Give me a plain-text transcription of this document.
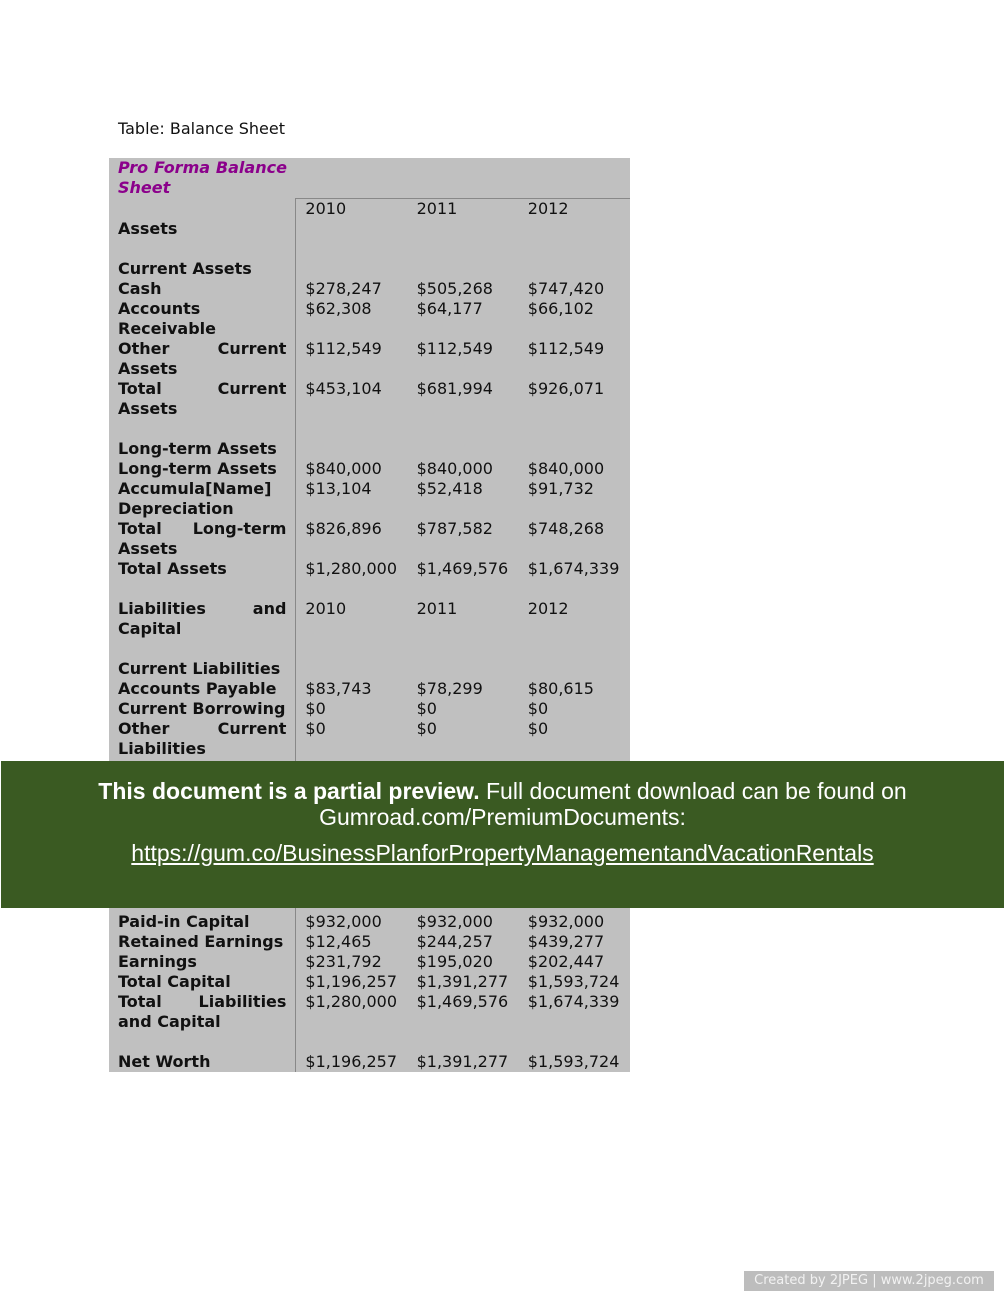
Table: Balance Sheet
Pro Forma Balance Sheet			
	2010	2011	2012
Assets			

Current Assets			
Cash	$278,247	$505,268	$747,420
Accounts Receivable	$62,308	$64,177	$66,102
Other Current Assets	$112,549	$112,549	$112,549
Total Current Assets	$453,104	$681,994	$926,071

Long-term Assets			
Long-term Assets	$840,000	$840,000	$840,000
Accumula[Name] Depreciation	$13,104	$52,418	$91,732
Total Long-term Assets	$826,896	$787,582	$748,268
Total Assets	$1,280,000	$1,469,576	$1,674,339

Liabilities and Capital	2010	2011	2012

Current Liabilities			
Accounts Payable	$83,743	$78,299	$80,615
Current Borrowing	$0	$0	$0
Other Current Liabilities	$0	$0	$0

Paid-in Capital	$932,000	$932,000	$932,000
Retained Earnings	$12,465	$244,257	$439,277
Earnings	$231,792	$195,020	$202,447
Total Capital	$1,196,257	$1,391,277	$1,593,724
Total Liabilities and Capital	$1,280,000	$1,469,576	$1,674,339

Net Worth	$1,196,257	$1,391,277	$1,593,724
This document is a partial preview. Full document download can be found on
Gumroad.com/PremiumDocuments:
https://gum.co/BusinessPlanforPropertyManagementandVacationRentals
Created by 2JPEG | www.2jpeg.com
